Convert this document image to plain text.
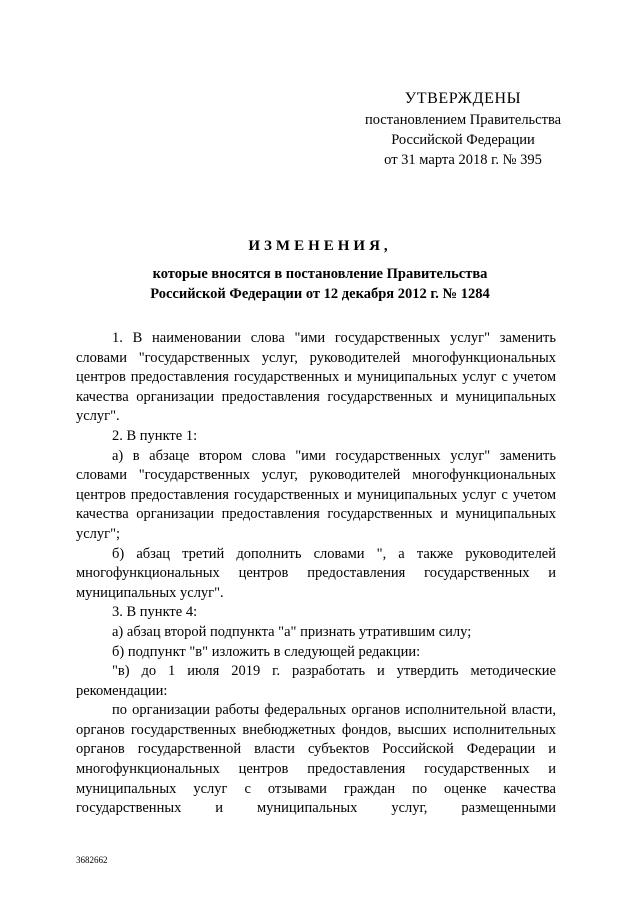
УТВЕРЖДЕНЫ
постановлением Правительства
Российской Федерации
от 31 марта 2018 г. № 395
ИЗМЕНЕНИЯ,
которые вносятся в постановление Правительства
Российской Федерации от 12 декабря 2012 г. № 1284

1. В наименовании слова "ими государственных услуг" заменить словами "государственных услуг, руководителей многофункциональных центров предоставления государственных и муниципальных услуг с учетом качества организации предоставления государственных и муниципальных услуг".

2. В пункте 1:

а) в абзаце втором слова "ими государственных услуг" заменить словами "государственных услуг, руководителей многофункциональных центров предоставления государственных и муниципальных услуг с учетом качества организации предоставления государственных и муниципальных услуг";

б) абзац третий дополнить словами ", а также руководителей многофункциональных центров предоставления государственных и муниципальных услуг".

3. В пункте 4:

а) абзац второй подпункта "а" признать утратившим силу;

б) подпункт "в" изложить в следующей редакции:

"в) до 1 июля 2019 г. разработать и утвердить методические рекомендации:

по организации работы федеральных органов исполнительной власти, органов государственных внебюджетных фондов, высших исполнительных органов государственной власти субъектов Российской Федерации и многофункциональных центров предоставления государственных и муниципальных услуг с отзывами граждан по оценке качества государственных и муниципальных услуг, размещенными

3682662
